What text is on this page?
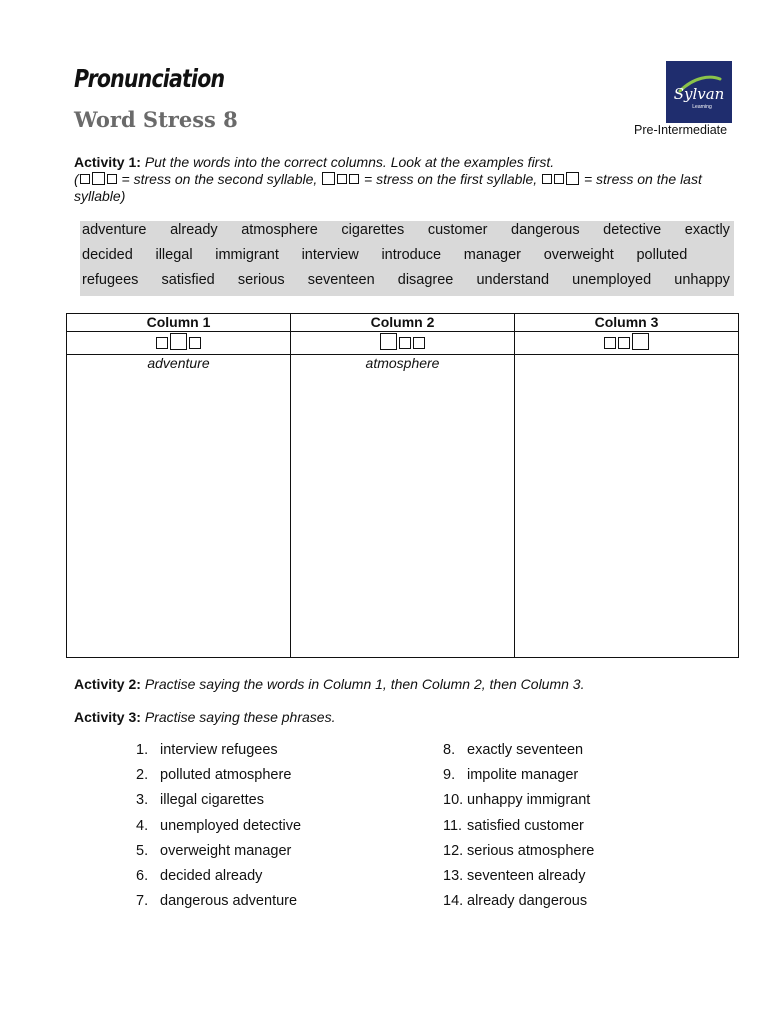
Pronunciation
Word Stress 8
Sylvan
Learning
Pre-Intermediate
Activity 1: Put the words into the correct columns. Look at the examples first.
(	= stress on the second syllable,	= stress on the first syllable,	= stress on the last syllable)
adventure already atmosphere cigarettes customer dangerous detective exactly
decided illegal immigrant interview introduce manager overweight polluted
refugees satisfied serious seventeen disagree understand unemployed unhappy
Column 1	Column 2	Column 3

adventure	atmosphere	
Activity 2: Practise saying the words in Column 1, then Column 2, then Column 3.
Activity 3: Practise saying these phrases.
1. interview refugees
2. polluted atmosphere
3. illegal cigarettes
4. unemployed detective
5. overweight manager
6. decided already
7. dangerous adventure
8. exactly seventeen
9. impolite manager
10. unhappy immigrant
11. satisfied customer
12. serious atmosphere
13. seventeen already
14. already dangerous
